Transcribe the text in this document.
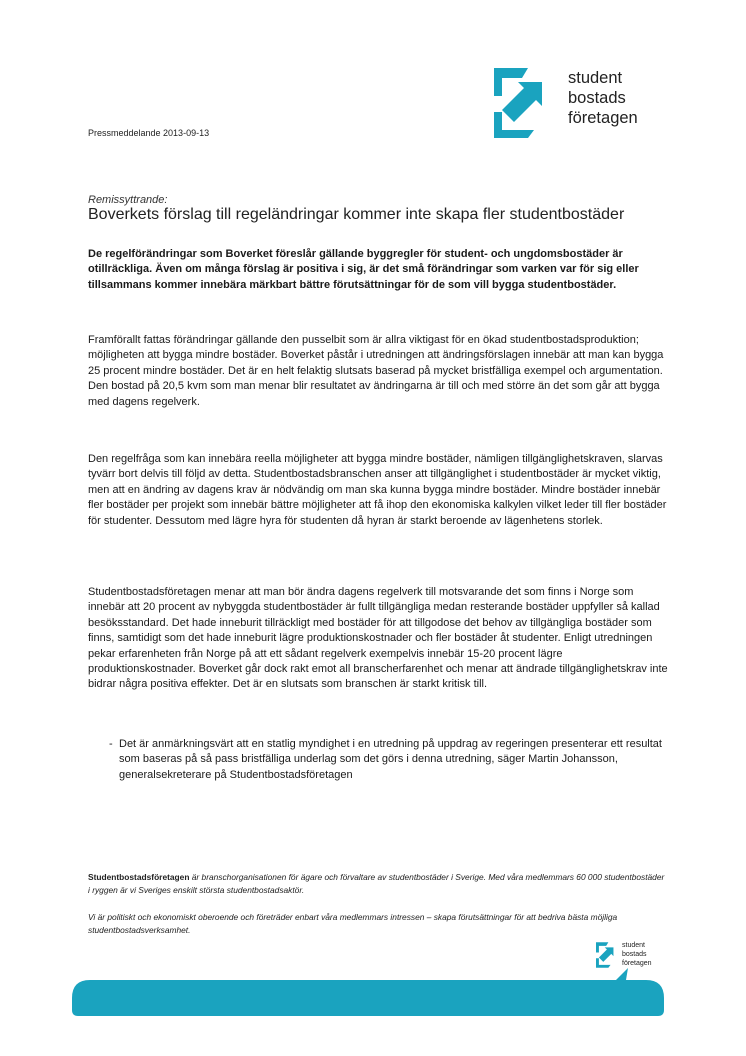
student
bostads
företagen
Pressmeddelande 2013-09-13
Remissyttrande:
Boverkets förslag till regeländringar kommer inte skapa fler studentbostäder

De regelförändringar som Boverket föreslår gällande byggregler för student- och ungdomsbostäder är otillräckliga. Även om många förslag är positiva i sig, är det små förändringar som varken var för sig eller tillsammans kommer innebära märkbart bättre förutsättningar för de som vill bygga studentbostäder.

Framförallt fattas förändringar gällande den pusselbit som är allra viktigast för en ökad studentbostadsproduktion; möjligheten att bygga mindre bostäder. Boverket påstår i utredningen att ändringsförslagen innebär att man kan bygga 25 procent mindre bostäder. Det är en helt felaktig slutsats baserad på mycket bristfälliga exempel och argumentation. Den bostad på 20,5 kvm som man menar blir resultatet av ändringarna är till och med större än det som går att bygga med dagens regelverk.

Den regelfråga som kan innebära reella möjligheter att bygga mindre bostäder, nämligen tillgänglighetskraven, slarvas tyvärr bort delvis till följd av detta. Studentbostadsbranschen anser att tillgänglighet i studentbostäder är mycket viktig, men att en ändring av dagens krav är nödvändig om man ska kunna bygga mindre bostäder. Mindre bostäder innebär fler bostäder per projekt som innebär bättre möjligheter att få ihop den ekonomiska kalkylen vilket leder till fler bostäder för studenter. Dessutom med lägre hyra för studenten då hyran är starkt beroende av lägenhetens storlek.

Studentbostadsföretagen menar att man bör ändra dagens regelverk till motsvarande det som finns i Norge som innebär att 20 procent av nybyggda studentbostäder är fullt tillgängliga medan resterande bostäder uppfyller så kallad besöksstandard. Det hade inneburit tillräckligt med bostäder för att tillgodose det behov av tillgängliga bostäder som finns, samtidigt som det hade inneburit lägre produktionskostnader och fler bostäder åt studenter. Enligt utredningen pekar erfarenheten från Norge på att ett sådant regelverk exempelvis innebär 15-20 procent lägre produktionskostnader. Boverket går dock rakt emot all branscherfarenhet och menar att ändrade tillgänglighetskrav inte bidrar några positiva effekter. Det är en slutsats som branschen är starkt kritisk till.

- Det är anmärkningsvärt att en statlig myndighet i en utredning på uppdrag av regeringen presenterar ett resultat som baseras på så pass bristfälliga underlag som det görs i denna utredning, säger Martin Johansson, generalsekreterare på Studentbostadsföretagen

Studentbostadsföretagen är branschorganisationen för ägare och förvaltare av studentbostäder i Sverige. Med våra medlemmars 60 000 studentbostäder i ryggen är vi Sveriges enskilt största studentbostadsaktör.

Vi är politiskt och ekonomiskt oberoende och företräder enbart våra medlemmars intressen – skapa förutsättningar för att bedriva bästa möjliga studentbostadsverksamhet.

student
bostads
företagen
Studentbostadsföretagen Kaserntorget 11 411 18 Göteborg T 031-780 45 70 F 031-333 63 51 www.studentbostadsforetagen.se
